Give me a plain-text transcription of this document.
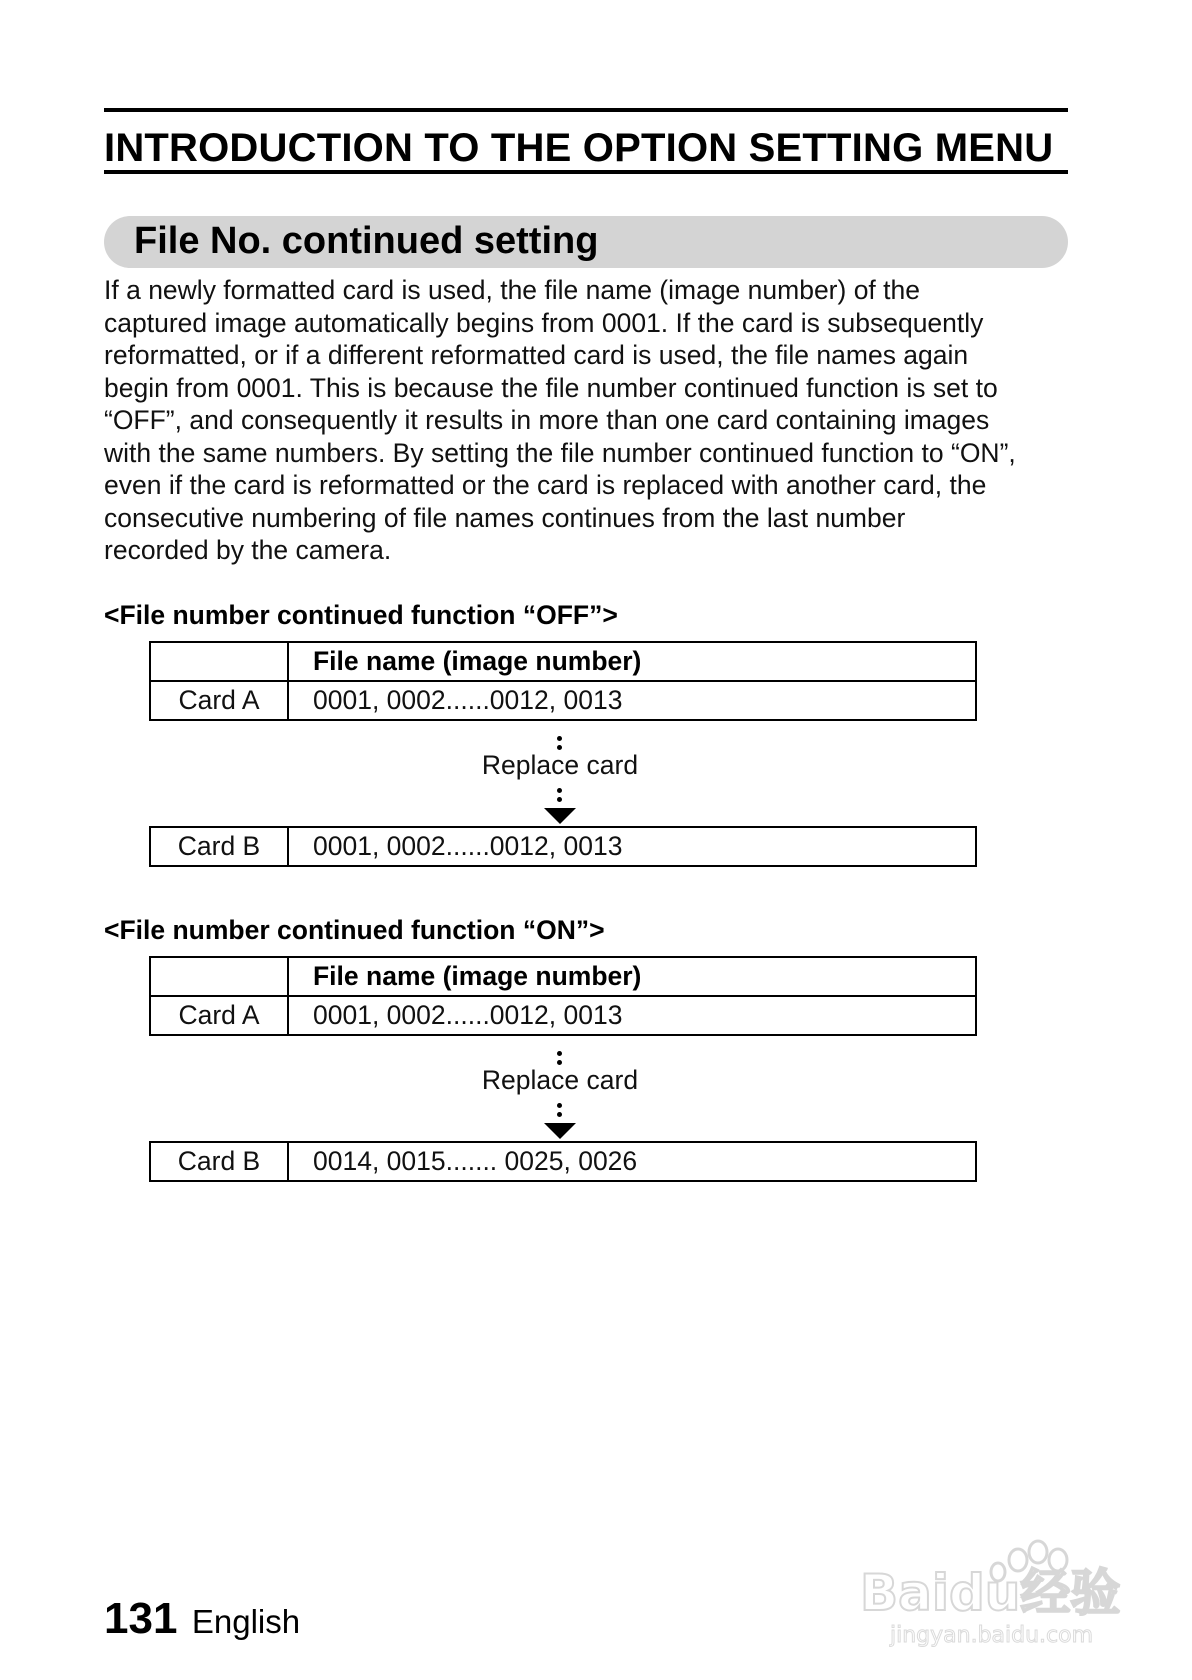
INTRODUCTION TO THE OPTION SETTING MENU
File No. continued setting
If a newly formatted card is used, the file name (image number) of the
captured image automatically begins from 0001. If the card is subsequently
reformatted, or if a different reformatted card is used, the file names again
begin from 0001. This is because the file number continued function is set to
“OFF”, and consequently it results in more than one card containing images
with the same numbers. By setting the file number continued function to “ON”,
even if the card is reformatted or the card is replaced with another card, the
consecutive numbering of file names continues from the last number
recorded by the camera.
<File number continued function “OFF”>
	File name (image number)
Card A	0001, 0002......0012, 0013
Replace card
Card B	0001, 0002......0012, 0013
<File number continued function “ON”>
	File name (image number)
Card A	0001, 0002......0012, 0013
Replace card
Card B	0014, 0015....... 0025, 0026
131 English	Baidu经验
jingyan.baidu.com
